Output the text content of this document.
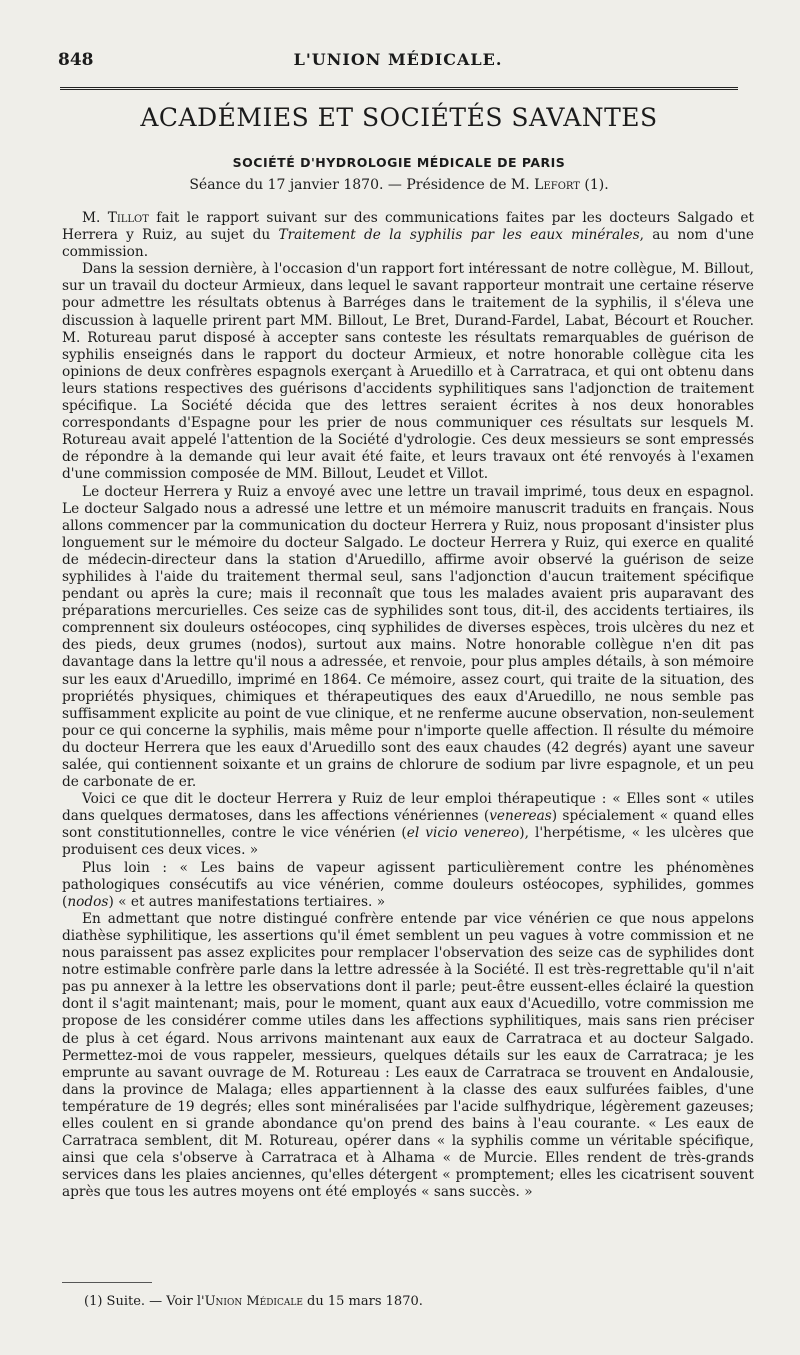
848	L'UNION MÉDICALE.
ACADÉMIES ET SOCIÉTÉS SAVANTES
SOCIÉTÉ D'HYDROLOGIE MÉDICALE DE PARIS
Séance du 17 janvier 1870. — Présidence de M. Lefort (1).

M. Tillot fait le rapport suivant sur des communications faites par les docteurs Salgado et Herrera y Ruiz, au sujet du Traitement de la syphilis par les eaux minérales, au nom d'une commission.

Dans la session dernière, à l'occasion d'un rapport fort intéressant de notre collègue, M. Billout, sur un travail du docteur Armieux, dans lequel le savant rapporteur montrait une certaine réserve pour admettre les résultats obtenus à Barréges dans le traitement de la syphilis, il s'éleva une discussion à laquelle prirent part MM. Billout, Le Bret, Durand-Fardel, Labat, Bécourt et Roucher. M. Rotureau parut disposé à accepter sans conteste les résultats remarquables de guérison de syphilis enseignés dans le rapport du docteur Armieux, et notre honorable collègue cita les opinions de deux confrères espagnols exerçant à Aruedillo et à Carratraca, et qui ont obtenu dans leurs stations respectives des guérisons d'accidents syphilitiques sans l'adjonction de traitement spécifique. La Société décida que des lettres seraient écrites à nos deux honorables correspondants d'Espagne pour les prier de nous communiquer ces résultats sur lesquels M. Rotureau avait appelé l'attention de la Société d'ydrologie. Ces deux messieurs se sont empressés de répondre à la demande qui leur avait été faite, et leurs travaux ont été renvoyés à l'examen d'une commission composée de MM. Billout, Leudet et Villot.

Le docteur Herrera y Ruiz a envoyé avec une lettre un travail imprimé, tous deux en espagnol. Le docteur Salgado nous a adressé une lettre et un mémoire manuscrit traduits en français. Nous allons commencer par la communication du docteur Herrera y Ruiz, nous proposant d'insister plus longuement sur le mémoire du docteur Salgado. Le docteur Herrera y Ruiz, qui exerce en qualité de médecin-directeur dans la station d'Aruedillo, affirme avoir observé la guérison de seize syphilides à l'aide du traitement thermal seul, sans l'adjonction d'aucun traitement spécifique pendant ou après la cure; mais il reconnaît que tous les malades avaient pris auparavant des préparations mercurielles. Ces seize cas de syphilides sont tous, dit-il, des accidents tertiaires, ils comprennent six douleurs ostéocopes, cinq syphilides de diverses espèces, trois ulcères du nez et des pieds, deux grumes (nodos), surtout aux mains. Notre honorable collègue n'en dit pas davantage dans la lettre qu'il nous a adressée, et renvoie, pour plus amples détails, à son mémoire sur les eaux d'Aruedillo, imprimé en 1864. Ce mémoire, assez court, qui traite de la situation, des propriétés physiques, chimiques et thérapeutiques des eaux d'Aruedillo, ne nous semble pas suffisamment explicite au point de vue clinique, et ne renferme aucune observation, non-seulement pour ce qui concerne la syphilis, mais même pour n'importe quelle affection. Il résulte du mémoire du docteur Herrera que les eaux d'Aruedillo sont des eaux chaudes (42 degrés) ayant une saveur salée, qui contiennent soixante et un grains de chlorure de sodium par livre espagnole, et un peu de carbonate de er.

Voici ce que dit le docteur Herrera y Ruiz de leur emploi thérapeutique : « Elles sont « utiles dans quelques dermatoses, dans les affections vénériennes (venereas) spécialement « quand elles sont constitutionnelles, contre le vice vénérien (el vicio venereo), l'herpétisme, « les ulcères que produisent ces deux vices. »

Plus loin : « Les bains de vapeur agissent particulièrement contre les phénomènes pathologiques consécutifs au vice vénérien, comme douleurs ostéocopes, syphilides, gommes (nodos) « et autres manifestations tertiaires. »

En admettant que notre distingué confrère entende par vice vénérien ce que nous appelons diathèse syphilitique, les assertions qu'il émet semblent un peu vagues à votre commission et ne nous paraissent pas assez explicites pour remplacer l'observation des seize cas de syphilides dont notre estimable confrère parle dans la lettre adressée à la Société. Il est très-regrettable qu'il n'ait pas pu annexer à la lettre les observations dont il parle; peut-être eussent-elles éclairé la question dont il s'agit maintenant; mais, pour le moment, quant aux eaux d'Acuedillo, votre commission me propose de les considérer comme utiles dans les affections syphilitiques, mais sans rien préciser de plus à cet égard. Nous arrivons maintenant aux eaux de Carratraca et au docteur Salgado. Permettez-moi de vous rappeler, messieurs, quelques détails sur les eaux de Carratraca; je les emprunte au savant ouvrage de M. Rotureau : Les eaux de Carratraca se trouvent en Andalousie, dans la province de Malaga; elles appartiennent à la classe des eaux sulfurées faibles, d'une température de 19 degrés; elles sont minéralisées par l'acide sulfhydrique, légèrement gazeuses; elles coulent en si grande abondance qu'on prend des bains à l'eau courante. « Les eaux de Carratraca semblent, dit M. Rotureau, opérer dans « la syphilis comme un véritable spécifique, ainsi que cela s'observe à Carratraca et à Alhama « de Murcie. Elles rendent de très-grands services dans les plaies anciennes, qu'elles détergent « promptement; elles les cicatrisent souvent après que tous les autres moyens ont été employés « sans succès. »

(1) Suite. — Voir l'Union Médicale du 15 mars 1870.
